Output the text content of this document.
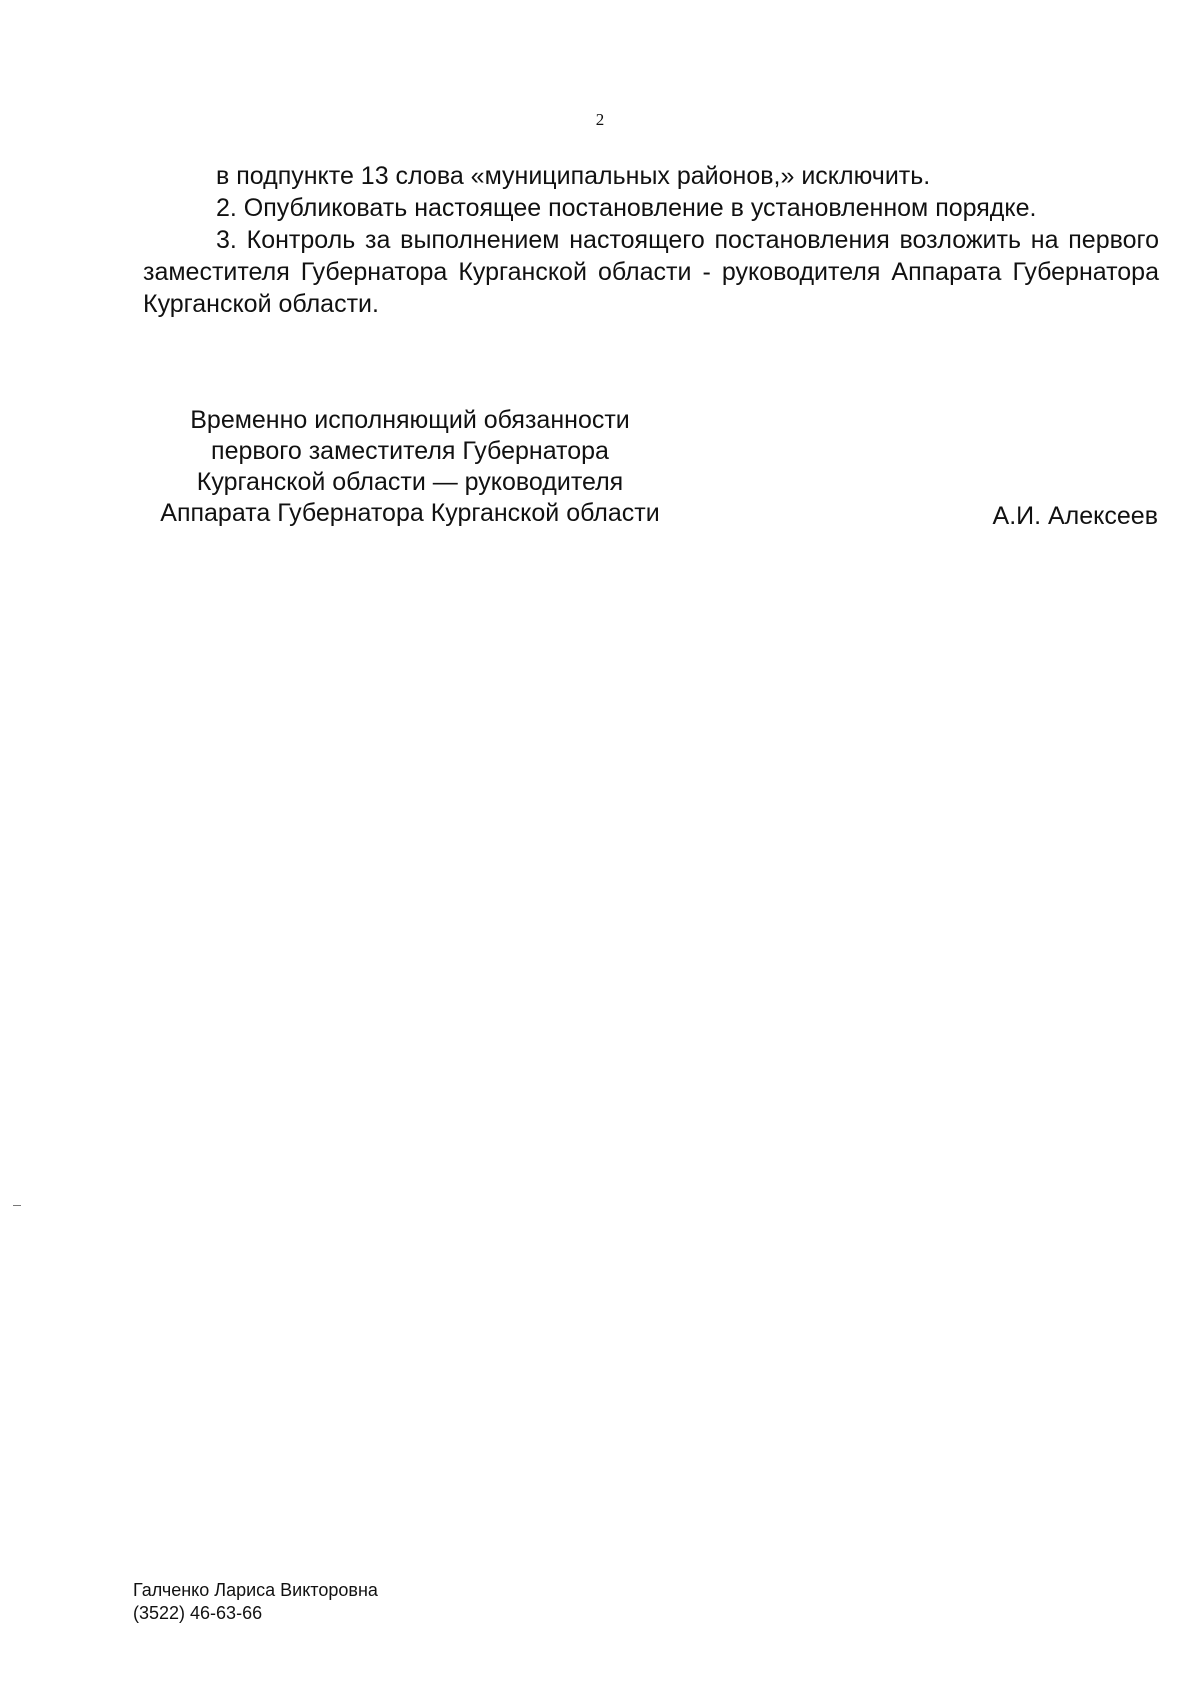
2

в подпункте 13 слова «муниципальных районов,» исключить.

2. Опубликовать настоящее постановление в установленном порядке.

3. Контроль за выполнением настоящего постановления возложить на первого заместителя Губернатора Курганской области - руководителя Аппарата Губернатора Курганской области.

Временно исполняющий обязанности
первого заместителя Губернатора
Курганской области — руководителя
Аппарата Губернатора Курганской области	А.И. Алексеев
Галченко Лариса Викторовна
(3522) 46-63-66
